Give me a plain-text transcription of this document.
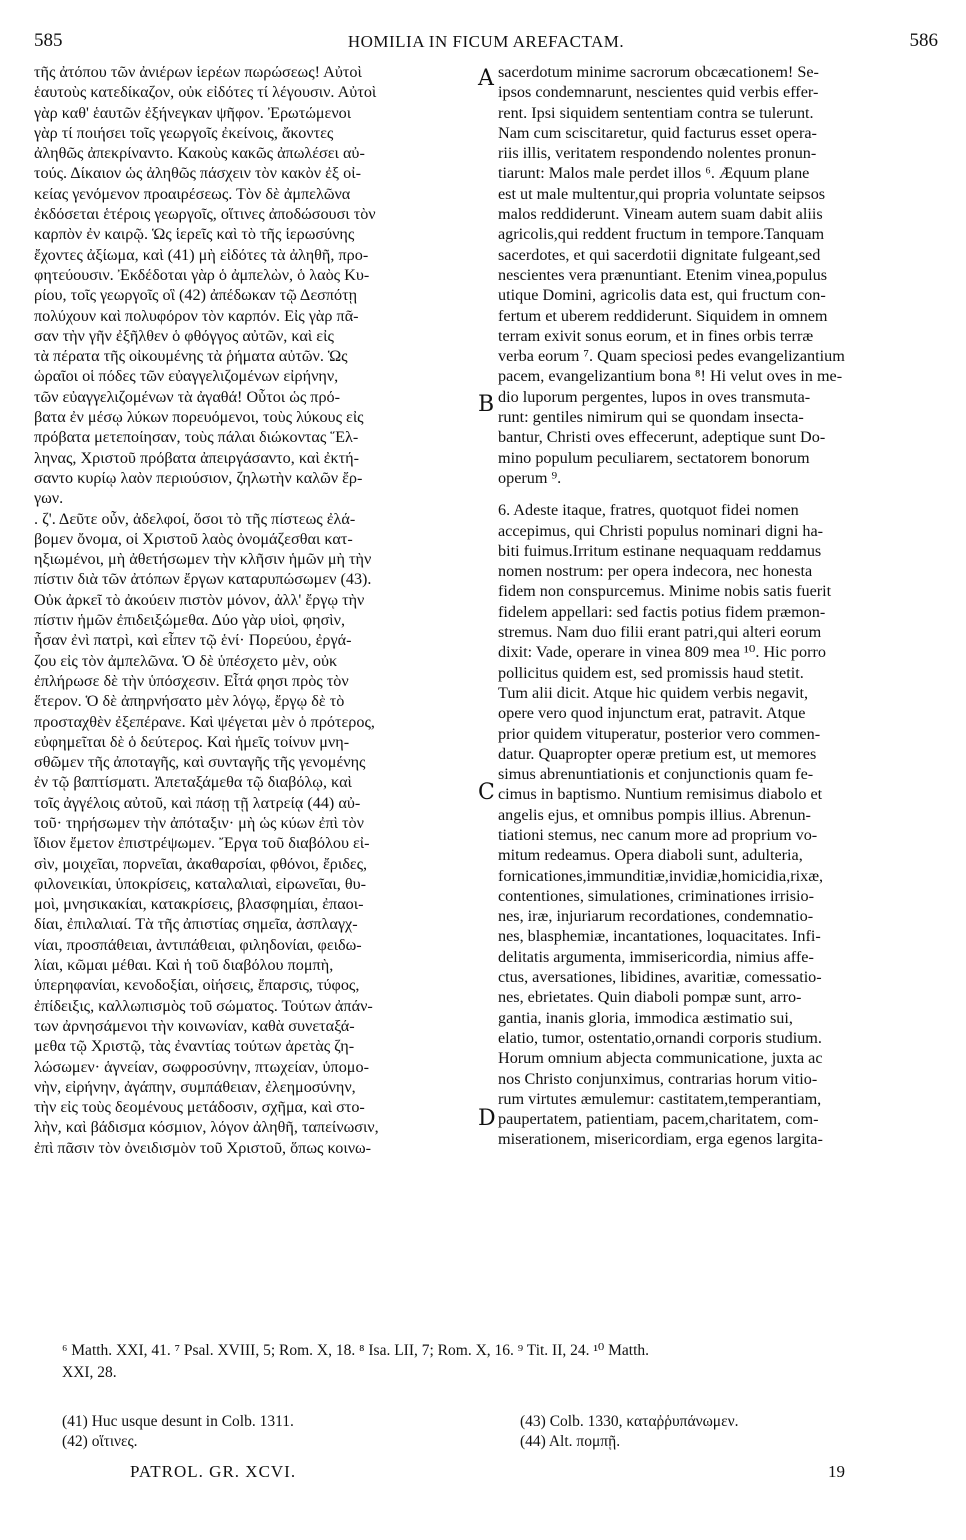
585	HOMILIA IN FICUM AREFACTAM.	586
τῆς ἀτόπου τῶν ἀνιέρων ἱερέων πωρώσεως! Αὐτοὶ
ἑαυτοὺς κατεδίκαζον, οὐκ εἰδότες τί λέγουσιν. Αὐτοὶ
γὰρ καθ' ἑαυτῶν ἐξήνεγκαν ψῆφον. Ἐρωτώμενοι
γὰρ τί ποιήσει τοῖς γεωργοῖς ἐκείνοις, ἄκοντες
ἀληθῶς ἀπεκρίναντο. Κακοὺς κακῶς ἀπωλέσει αὐ-
τούς. Δίκαιον ὡς ἀληθῶς πάσχειν τὸν κακὸν ἐξ οἰ-
κείας γενόμενον προαιρέσεως. Τὸν δὲ ἀμπελῶνα
ἐκδόσεται ἑτέροις γεωργοῖς, οἵτινες ἀποδώσουσι τὸν
καρπὸν ἐν καιρῷ. Ὡς ἱερεῖς καὶ τὸ τῆς ἱερωσύνης
ἔχοντες ἀξίωμα, καὶ (41) μὴ εἰδότες τὰ ἀληθῆ, προ-
φητεύουσιν. Ἐκδέδοται γὰρ ὁ ἀμπελὼν, ὁ λαὸς Κυ-
ρίου, τοῖς γεωργοῖς οἳ (42) ἀπέδωκαν τῷ Δεσπότῃ
πολύχουν καὶ πολυφόρον τὸν καρπόν. Εἰς γὰρ πᾶ-
σαν τὴν γῆν ἐξῆλθεν ὁ φθόγγος αὐτῶν, καὶ εἰς
τὰ πέρατα τῆς οἰκουμένης τὰ ῥήματα αὐτῶν. Ὡς
ὡραῖοι οἱ πόδες τῶν εὐαγγελιζομένων εἰρήνην,
τῶν εὐαγγελιζομένων τὰ ἀγαθά! Οὗτοι ὡς πρό-
βατα ἐν μέσῳ λύκων πορευόμενοι, τοὺς λύκους εἰς
πρόβατα μετεποίησαν, τοὺς πάλαι διώκοντας Ἕλ-
ληνας, Χριστοῦ πρόβατα ἀπειργάσαντο, καὶ ἐκτή-
σαντο κυρίῳ λαὸν περιούσιον, ζηλωτὴν καλῶν ἔρ-
γων.
. ζ'. Δεῦτε οὖν, ἀδελφοί, ὅσοι τὸ τῆς πίστεως ἐλά-
βομεν ὄνομα, οἱ Χριστοῦ λαὸς ὀνομάζεσθαι κατ-
ηξιωμένοι, μὴ ἀθετήσωμεν τὴν κλῆσιν ἡμῶν μὴ τὴν
πίστιν διὰ τῶν ἀτόπων ἔργων καταρυπώσωμεν (43).
Οὐκ ἀρκεῖ τὸ ἀκούειν πιστὸν μόνον, ἀλλ' ἔργῳ τὴν
πίστιν ἡμῶν ἐπιδειξώμεθα. Δύο γὰρ υἱοὶ, φησὶν,
ἦσαν ἐνὶ πατρὶ, καὶ εἶπεν τῷ ἑνί· Πορεύου, ἐργά-
ζου εἰς τὸν ἀμπελῶνα. Ὁ δὲ ὑπέσχετο μὲν, οὐκ
ἐπλήρωσε δὲ τὴν ὑπόσχεσιν. Εἶτά φησι πρὸς τὸν
ἕτερον. Ὁ δὲ ἀπηρνήσατο μὲν λόγῳ, ἔργῳ δὲ τὸ
προσταχθὲν ἐξεπέρανε. Καὶ ψέγεται μὲν ὁ πρότερος,
εὐφημεῖται δὲ ὁ δεύτερος. Καὶ ἡμεῖς τοίνυν μνη-
σθῶμεν τῆς ἀποταγῆς, καὶ συνταγῆς τῆς γενομένης
ἐν τῷ βαπτίσματι. Ἀπεταξάμεθα τῷ διαβόλῳ, καὶ
τοῖς ἀγγέλοις αὐτοῦ, καὶ πάσῃ τῇ λατρείᾳ (44) αὐ-
τοῦ· τηρήσωμεν τὴν ἀπόταξιν· μὴ ὡς κύων ἐπὶ τὸν
ἴδιον ἔμετον ἐπιστρέψωμεν. Ἔργα τοῦ διαβόλου εἰ-
σὶν, μοιχεῖαι, πορνεῖαι, ἀκαθαρσίαι, φθόνοι, ἔριδες,
φιλονεικίαι, ὑποκρίσεις, καταλαλιαὶ, εἰρωνεῖαι, θυ-
μοὶ, μνησικακίαι, κατακρίσεις, βλασφημίαι, ἐπαοι-
δίαι, ἐπιλαλιαί. Τὰ τῆς ἀπιστίας σημεῖα, ἀσπλαγχ-
νίαι, προσπάθειαι, ἀντιπάθειαι, φιληδονίαι, φειδω-
λίαι, κῶμαι μέθαι. Καὶ ἡ τοῦ διαβόλου πομπὴ,
ὑπερηφανίαι, κενοδοξίαι, οἰήσεις, ἔπαρσις, τύφος,
ἐπίδειξις, καλλωπισμὸς τοῦ σώματος. Τούτων ἀπάν-
των ἀρνησάμενοι τὴν κοινωνίαν, καθὰ συνεταξά-
μεθα τῷ Χριστῷ, τὰς ἐναντίας τούτων ἀρετὰς ζη-
λώσωμεν· ἁγνείαν, σωφροσύνην, πτωχείαν, ὑπομο-
νὴν, εἰρήνην, ἀγάπην, συμπάθειαν, ἐλεημοσύνην,
τὴν εἰς τοὺς δεομένους μετάδοσιν, σχῆμα, καὶ στο-
λὴν, καὶ βάδισμα κόσμιον, λόγον ἀληθῆ, ταπείνωσιν,
ἐπὶ πᾶσιν τὸν ὀνειδισμὸν τοῦ Χριστοῦ, ὅπως κοινω-
sacerdotum minime sacrorum obcæcationem! Se-
ipsos condemnarunt, nescientes quid verbis effer-
rent. Ipsi siquidem sententiam contra se tulerunt.
Nam cum sciscitaretur, quid facturus esset opera-
riis illis, veritatem respondendo nolentes pronun-
tiarunt: Malos male perdet illos ⁶. Æquum plane
est ut male multentur,qui propria voluntate seipsos
malos reddiderunt. Vineam autem suam dabit aliis
agricolis,qui reddent fructum in tempore.Tanquam
sacerdotes, et qui sacerdotii dignitate fulgeant,sed
nescientes vera prænuntiant. Etenim vinea,populus
utique Domini, agricolis data est, qui fructum con-
fertum et uberem reddiderunt. Siquidem in omnem
terram exivit sonus eorum, et in fines orbis terræ
verba eorum ⁷. Quam speciosi pedes evangelizantium
pacem, evangelizantium bona ⁸! Hi velut oves in me-
dio luporum pergentes, lupos in oves transmuta-
runt: gentiles nimirum qui se quondam insecta-
bantur, Christi oves effecerunt, adeptique sunt Do-
mino populum peculiarem, sectatorem bonorum
operum ⁹.
6. Adeste itaque, fratres, quotquot fidei nomen
accepimus, qui Christi populus nominari digni ha-
biti fuimus.Irritum estinane nequaquam reddamus
nomen nostrum: per opera indecora, nec honesta
fidem non conspurcemus. Minime nobis satis fuerit
fidelem appellari: sed factis potius fidem præmon-
stremus. Nam duo filii erant patri,qui alteri eorum
dixit: Vade, operare in vinea 809 mea ¹⁰. Hic porro
pollicitus quidem est, sed promissis haud stetit.
Tum alii dicit. Atque hic quidem verbis negavit,
opere vero quod injunctum erat, patravit. Atque
prior quidem vituperatur, posterior vero commen-
datur. Quapropter operæ pretium est, ut memores
simus abrenuntiationis et conjunctionis quam fe-
cimus in baptismo. Nuntium remisimus diabolo et
angelis ejus, et omnibus pompis illius. Abrenun-
tiationi stemus, nec canum more ad proprium vo-
mitum redeamus. Opera diaboli sunt, adulteria,
fornicationes,immunditiæ,invidiæ,homicidia,rixæ,
contentiones, simulationes, criminationes irrisio-
nes, iræ, injuriarum recordationes, condemnatio-
nes, blasphemiæ, incantationes, loquacitates. Infi-
delitatis argumenta, immisericordia, nimius affe-
ctus, aversationes, libidines, avaritiæ, comessatio-
nes, ebrietates. Quin diaboli pompæ sunt, arro-
gantia, inanis gloria, immodica æstimatio sui,
elatio, tumor, ostentatio,ornandi corporis studium.
Horum omnium abjecta communicatione, juxta ac
nos Christo conjunximus, contrarias horum vitio-
rum virtutes æmulemur: castitatem,temperantiam,
paupertatem, patientiam, pacem,charitatem, com-
miserationem, misericordiam, erga egenos largita-
A
B
C
D
⁶ Matth. XXI, 41. ⁷ Psal. XVIII, 5; Rom. X, 18. ⁸ Isa. LII, 7; Rom. X, 16. ⁹ Tit. II, 24. ¹⁰ Matth.
XXI, 28.
(41) Huc usque desunt in Colb. 1311.
(42) οἵτινες.
(43) Colb. 1330, καταῤῥυπάνωμεν.
(44) Alt. πομπῇ.
PATROL. GR. XCVI.	19
